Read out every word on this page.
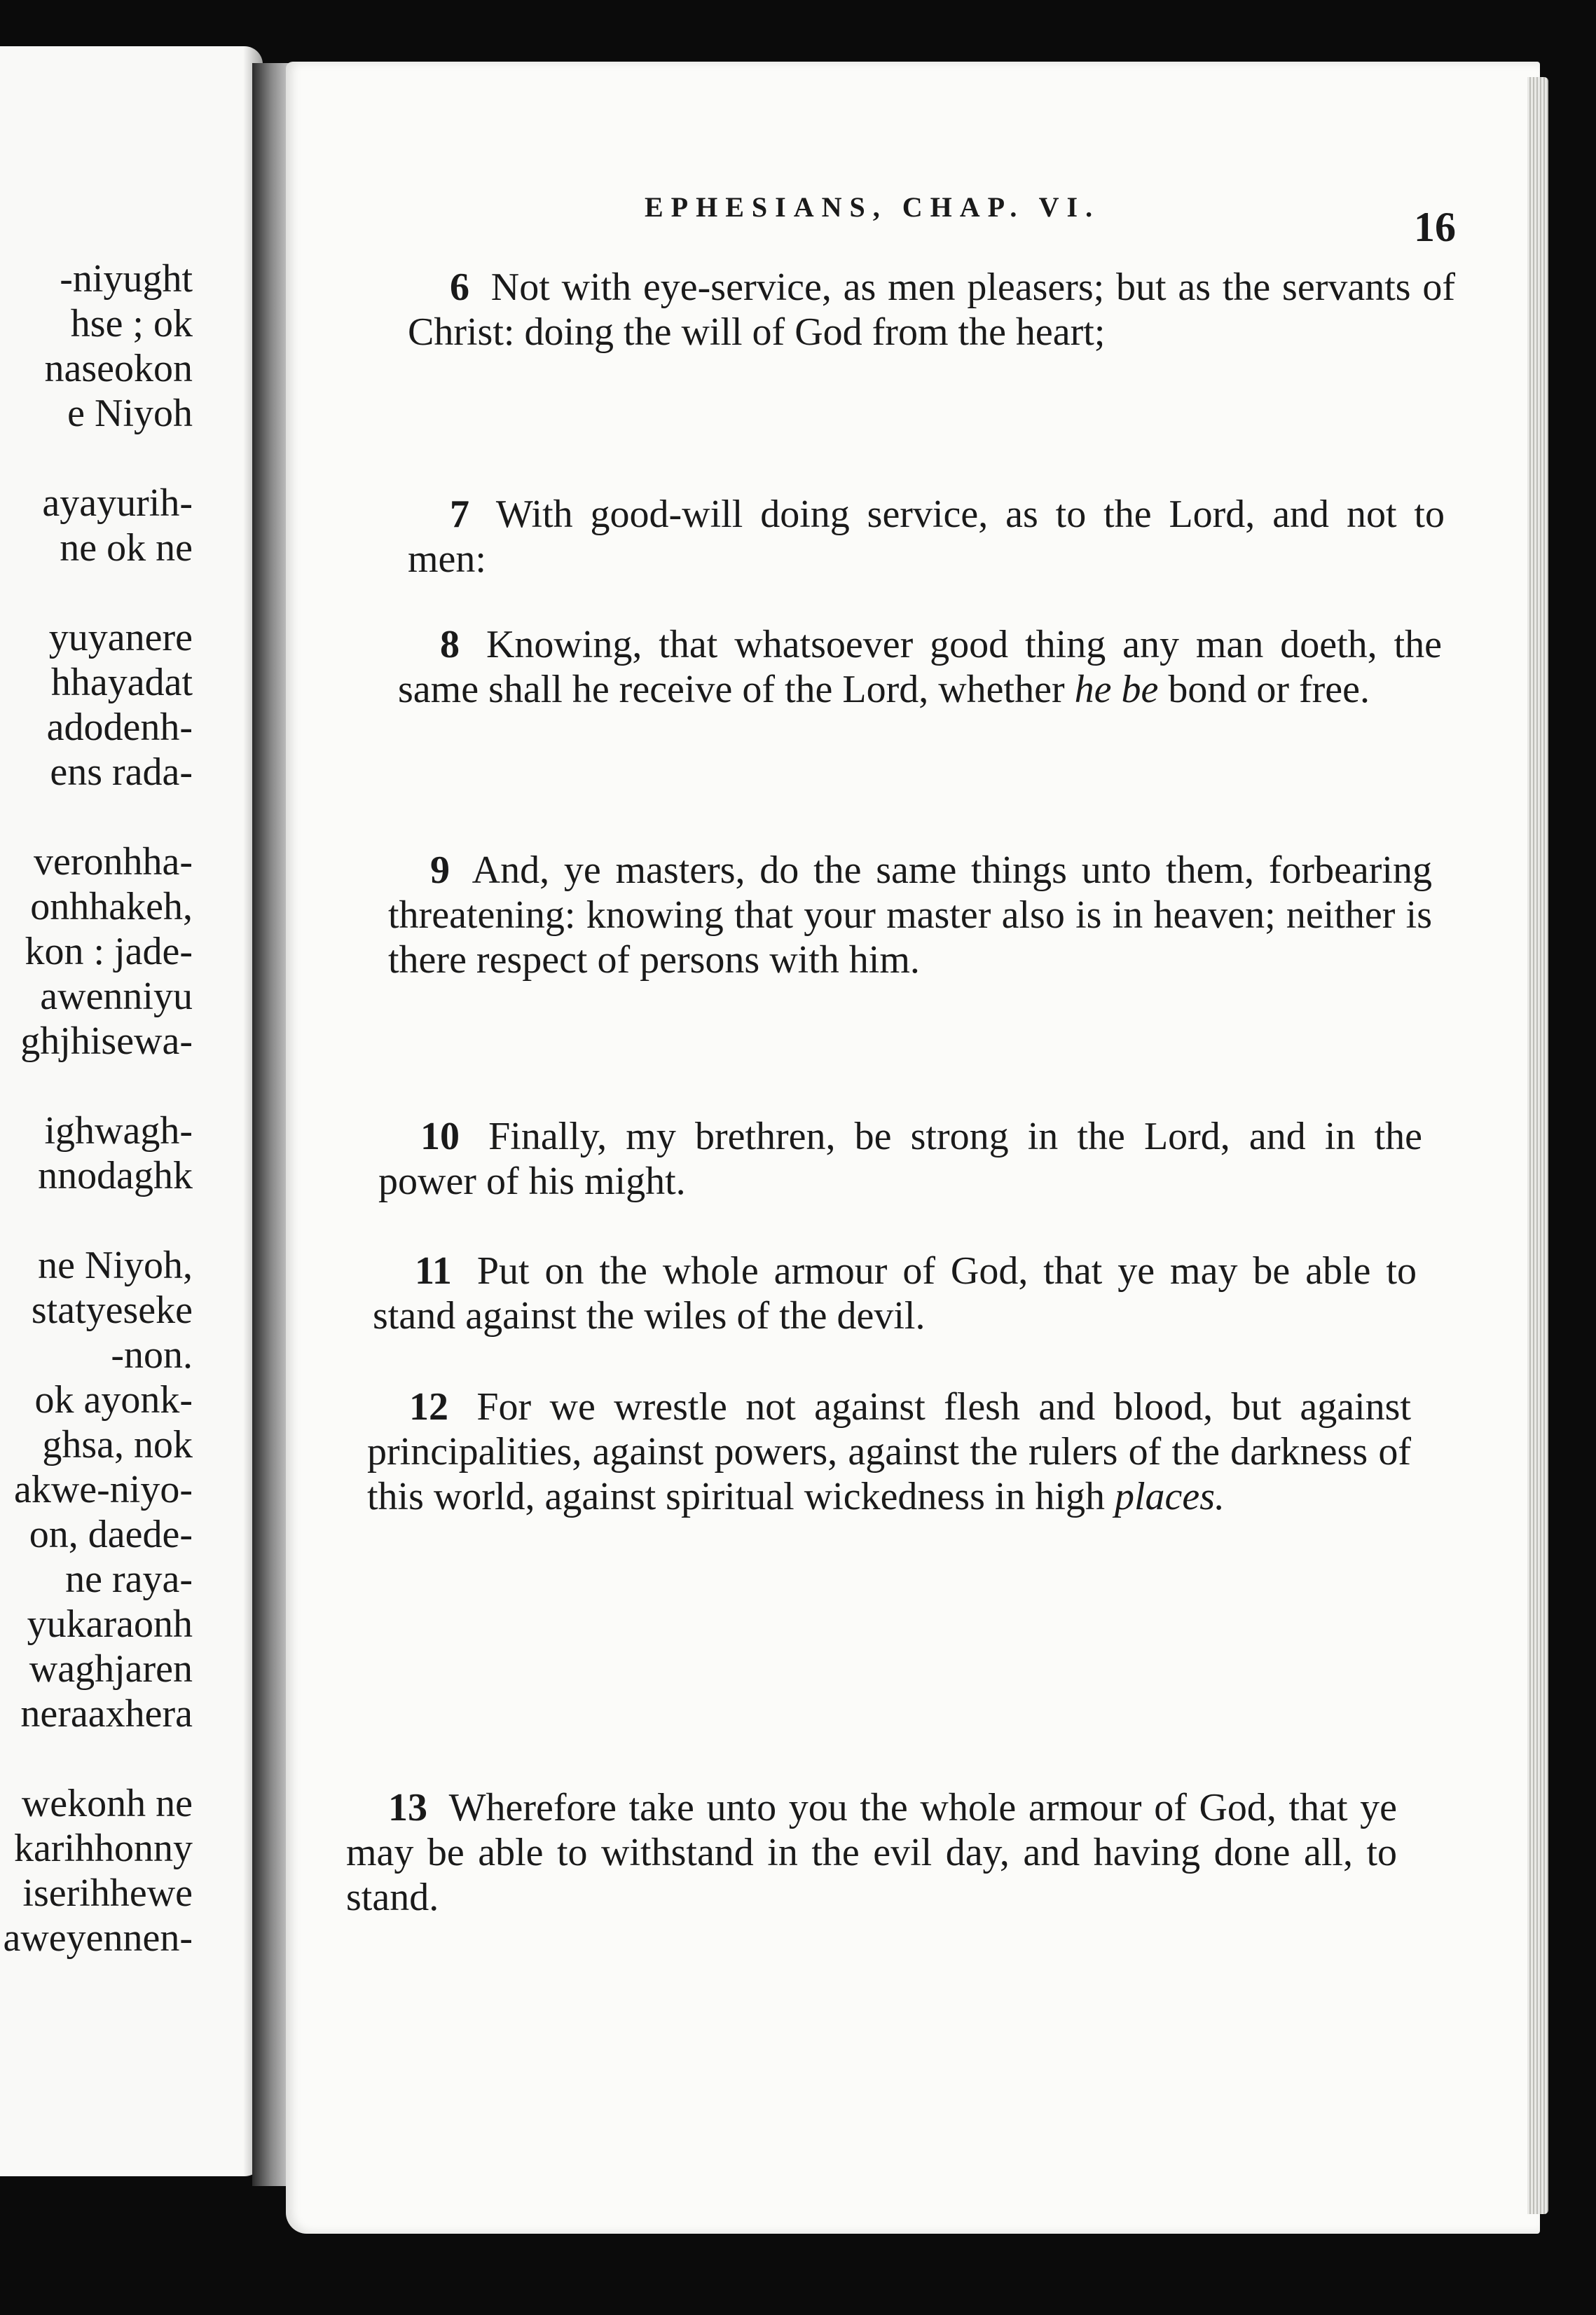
-niyught
hse ; ok
naseokon
e Niyoh
ayayurih-
ne ok ne
yuyanere
hhayadat
adodenh-
ens rada-
veronhha-
onhhakeh,
kon : jade-
awenniyu
ghjhisewa-
ighwagh-
nnodaghk
ne Niyoh,
statyeseke
-non.
ok ayonk-
ghsa, nok
akwe-niyo-
on, daede-
ne raya-
yukaraonh
waghjaren
neraaxhera
wekonh ne
karihhonny
iserihhewe
aweyennen-
EPHESIANS, CHAP. VI.	16
6 Not with eye-service, as men pleasers; but as the servants of Christ: doing the will of God from the heart;
7 With good-will doing service, as to the Lord, and not to men:
8 Knowing, that whatsoever good thing any man doeth, the same shall he receive of the Lord, whether he be bond or free.
9 And, ye masters, do the same things unto them, forbearing threatening: knowing that your master also is in heaven; neither is there respect of persons with him.
10 Finally, my brethren, be strong in the Lord, and in the power of his might.
11 Put on the whole armour of God, that ye may be able to stand against the wiles of the devil.
12 For we wrestle not against flesh and blood, but against principalities, against powers, against the rulers of the darkness of this world, against spiritual wickedness in high places.
13 Wherefore take unto you the whole armour of God, that ye may be able to withstand in the evil day, and having done all, to stand.
